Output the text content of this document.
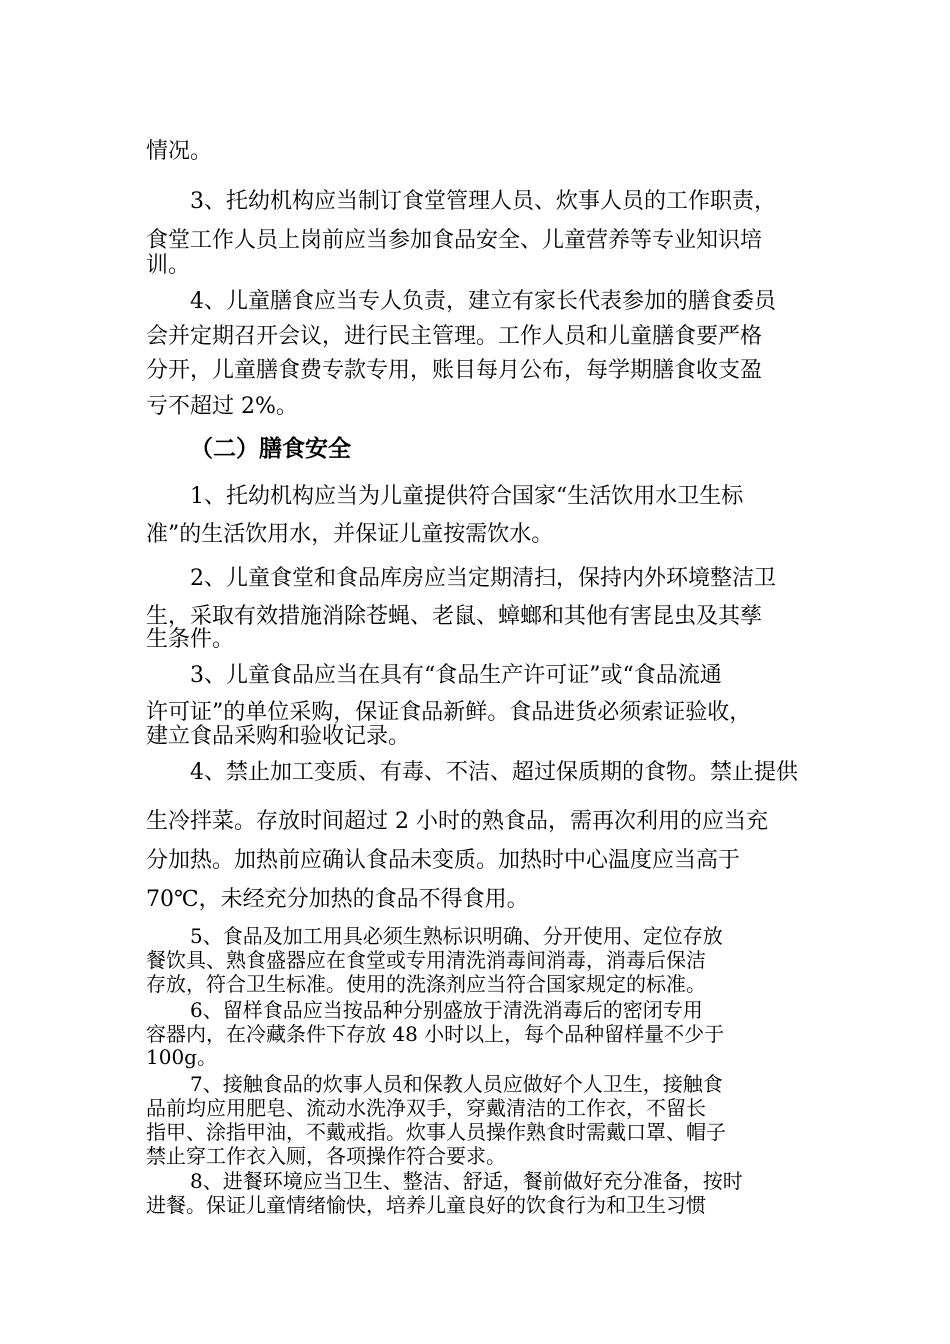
情况。
3、托幼机构应当制订食堂管理人员、炊事人员的工作职责，
食堂工作人员上岗前应当参加食品安全、儿童营养等专业知识培
训。
4、儿童膳食应当专人负责，建立有家长代表参加的膳食委员
会并定期召开会议，进行民主管理。工作人员和儿童膳食要严格
分开，儿童膳食费专款专用，账目每月公布，每学期膳食收支盈
亏不超过 2%。
（二）膳食安全
1、托幼机构应当为儿童提供符合国家“生活饮用水卫生标
准”的生活饮用水，并保证儿童按需饮水。
2、儿童食堂和食品库房应当定期清扫，保持内外环境整洁卫
生，采取有效措施消除苍蝇、老鼠、蟑螂和其他有害昆虫及其孳
生条件。
3、儿童食品应当在具有“食品生产许可证”或“食品流通
许可证”的单位采购，保证食品新鲜。食品进货必须索证验收，
建立食品采购和验收记录。
4、禁止加工变质、有毒、不洁、超过保质期的食物。禁止提供
生冷拌菜。存放时间超过 2 小时的熟食品，需再次利用的应当充
分加热。加热前应确认食品未变质。加热时中心温度应当高于
70℃，未经充分加热的食品不得食用。
5、食品及加工用具必须生熟标识明确、分开使用、定位存放
餐饮具、熟食盛器应在食堂或专用清洗消毒间消毒，消毒后保洁
存放，符合卫生标准。使用的洗涤剂应当符合国家规定的标准。
6、留样食品应当按品种分别盛放于清洗消毒后的密闭专用
容器内，在冷藏条件下存放 48 小时以上，每个品种留样量不少于
100g。
7、接触食品的炊事人员和保教人员应做好个人卫生，接触食
品前均应用肥皂、流动水洗净双手，穿戴清洁的工作衣，不留长
指甲、涂指甲油，不戴戒指。炊事人员操作熟食时需戴口罩、帽子
禁止穿工作衣入厕，各项操作符合要求。
8、进餐环境应当卫生、整洁、舒适，餐前做好充分准备，按时
进餐。保证儿童情绪愉快，培养儿童良好的饮食行为和卫生习惯
